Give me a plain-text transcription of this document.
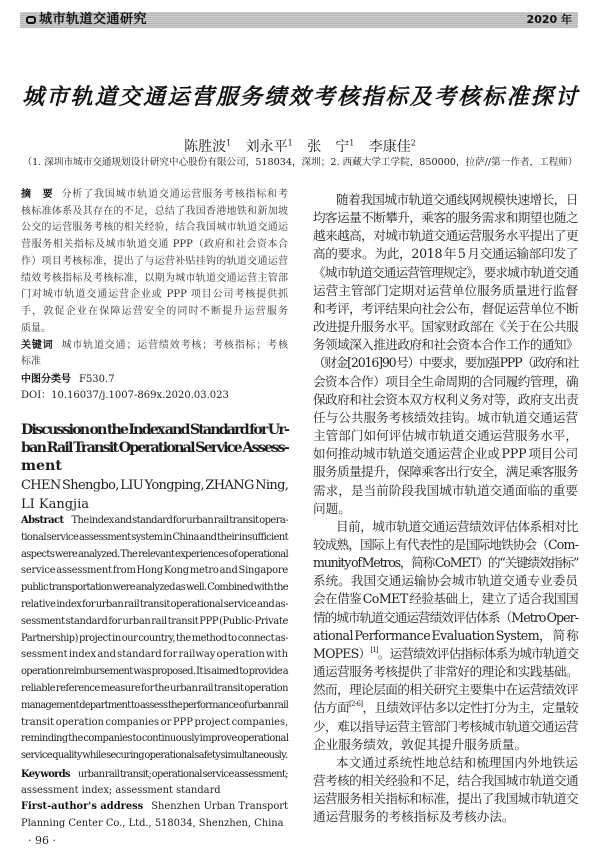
城市轨道交通研究	2020 年
城市轨道交通运营服务绩效考核指标及考核标准探讨
陈胜波$^1$ 刘永平$^1$ 张　宁$^1$ 李康佳$^2$
（1. 深圳市城市交通规划设计研究中心股份有限公司，518034，深圳；2. 西藏大学工学院，850000，拉萨//第一作者，工程师）
摘　要 分析了我国城市轨道交通运营服务考核指标和考
核标准体系及其存在的不足，总结了我国香港地铁和新加坡
公交的运营服务考核的相关经验，结合我国城市轨道交通运
营服务相关指标及城市轨道交通 PPP（政府和社会资本合
作）项目考核标准，提出了与运营补贴挂钩的轨道交通运营
绩效考核指标及考核标准，以期为城市轨道交通运营主管部
门对城市轨道交通运营企业或 PPP 项目公司考核提供抓
手，敦促企业在保障运营安全的同时不断提升运营服务
质量。
关键词 城市轨道交通；运营绩效考核；考核指标；考核
标准
中图分类号 F530.7
DOI：10.16037/j.1007-869x.2020.03.023
Discussion on the Index and Standard for Ur-
ban Rail Transit Operational Service Assess-
ment
CHEN Shengbo, LIU Yongping, ZHANG Ning,
LI Kangjia
Abstract The index and standard for urban rail transit opera-
tional service assessment system in China and their insufficient
aspects were analyzed. The relevant experiences of operational
service assessment from Hong Kong metro and Singapore
public transportation were analyzed as well. Combined with the
relative index for urban rail transit operational service and as-
sessment standard for urban rail transit PPP (Public-Private
Partnership) project in our country, the method to connect as-
sessment index and standard for railway operation with
operation reimbursement was proposed. It is aimed to provide a
reliable reference measure for the urban rail transit operation
management department to assess the performance of urban rail
transit operation companies or PPP project companies,
reminding the companies to continuously improve operational
service quality while securing operational safety simultaneously.
Key words urban rail transit; operational service assessment;
assessment index; assessment standard
First-author's address Shenzhen Urban Transport
Planning Center Co., Ltd., 518034, Shenzhen, China
· 96 ·
随着我国城市轨道交通线网规模快速增长，日
均客运量不断攀升，乘客的服务需求和期望也随之
越来越高，对城市轨道交通运营服务水平提出了更
高的要求。为此，2018 年 5 月交通运输部印发了
《城市轨道交通运营管理规定》，要求城市轨道交通
运营主管部门定期对运营单位服务质量进行监督
和考评，考评结果向社会公布，督促运营单位不断
改进提升服务水平。国家财政部在《关于在公共服
务领域深入推进政府和社会资本合作工作的通知》
（财金[2016]90 号）中要求，要加强 PPP（政府和社
会资本合作）项目全生命周期的合同履约管理，确
保政府和社会资本双方权利义务对等，政府支出责
任与公共服务考核绩效挂钩。城市轨道交通运营
主管部门如何评估城市轨道交通运营服务水平，
如何推动城市轨道交通运营企业或 PPP 项目公司
服务质量提升，保障乘客出行安全，满足乘客服务
需求，是当前阶段我国城市轨道交通面临的重要
问题。
目前，城市轨道交通运营绩效评估体系相对比
较成熟，国际上有代表性的是国际地铁协会（Com-
munity of Metros，简称 CoMET）的“关键绩效指标”
系统。我国交通运输协会城市轨道交通专业委员
会在借鉴 CoMET 经验基础上，建立了适合我国国
情的城市轨道交通运营绩效评估体系（Metro Oper-
ational Performance Evaluation System， 简 称
MOPES）[1]。运营绩效评估指标体系为城市轨道交
通运营服务考核提供了非常好的理论和实践基础。
然而，理论层面的相关研究主要集中在运营绩效评
估方面[2-6]，且绩效评估多以定性打分为主，定量较
少，难以指导运营主管部门考核城市轨道交通运营
企业服务绩效，敦促其提升服务质量。
本文通过系统性地总结和梳理国内外地铁运
营考核的相关经验和不足，结合我国城市轨道交通
运营服务相关指标和标准，提出了我国城市轨道交
通运营服务的考核指标及考核办法。
